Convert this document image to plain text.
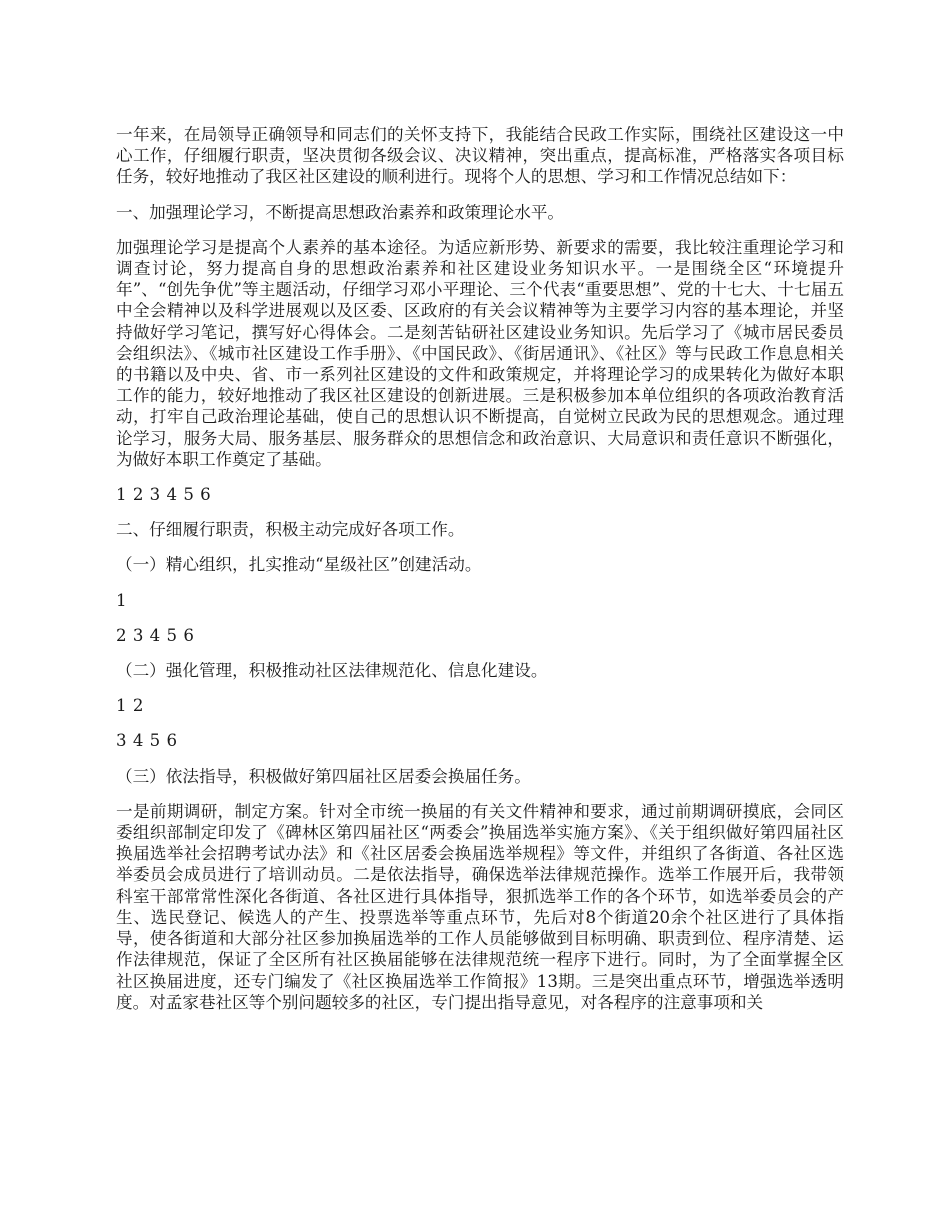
一年来，在局领导正确领导和同志们的关怀支持下，我能结合民政工作实际，围绕社区建设这一中心工作，仔细履行职责，坚决贯彻各级会议、决议精神，突出重点，提高标准，严格落实各项目标任务，较好地推动了我区社区建设的顺利进行。现将个人的思想、学习和工作情况总结如下：

一、加强理论学习，不断提高思想政治素养和政策理论水平。

加强理论学习是提高个人素养的基本途径。为适应新形势、新要求的需要，我比较注重理论学习和调查讨论，努力提高自身的思想政治素养和社区建设业务知识水平。一是围绕全区“环境提升年”、“创先争优”等主题活动，仔细学习邓小平理论、三个代表“重要思想”、党的十七大、十七届五中全会精神以及科学进展观以及区委、区政府的有关会议精神等为主要学习内容的基本理论，并坚持做好学习笔记，撰写好心得体会。二是刻苦钻研社区建设业务知识。先后学习了《城市居民委员会组织法》、《城市社区建设工作手册》、《中国民政》、《街居通讯》、《社区》等与民政工作息息相关的书籍以及中央、省、市一系列社区建设的文件和政策规定，并将理论学习的成果转化为做好本职工作的能力，较好地推动了我区社区建设的创新进展。三是积极参加本单位组织的各项政治教育活动，打牢自己政治理论基础，使自己的思想认识不断提高，自觉树立民政为民的思想观念。通过理论学习，服务大局、服务基层、服务群众的思想信念和政治意识、大局意识和责任意识不断强化，为做好本职工作奠定了基础。

1 2 3 4 5 6

二、仔细履行职责，积极主动完成好各项工作。

（一）精心组织，扎实推动“星级社区”创建活动。

1

2 3 4 5 6

（二）强化管理，积极推动社区法律规范化、信息化建设。

1 2

3 4 5 6

（三）依法指导，积极做好第四届社区居委会换届任务。

一是前期调研，制定方案。针对全市统一换届的有关文件精神和要求，通过前期调研摸底，会同区委组织部制定印发了《碑林区第四届社区“两委会”换届选举实施方案》、《关于组织做好第四届社区换届选举社会招聘考试办法》和《社区居委会换届选举规程》等文件，并组织了各街道、各社区选举委员会成员进行了培训动员。二是依法指导，确保选举法律规范操作。选举工作展开后，我带领科室干部常常性深化各街道、各社区进行具体指导，狠抓选举工作的各个环节，如选举委员会的产生、选民登记、候选人的产生、投票选举等重点环节，先后对8个街道20余个社区进行了具体指导，使各街道和大部分社区参加换届选举的工作人员能够做到目标明确、职责到位、程序清楚、运作法律规范，保证了全区所有社区换届能够在法律规范统一程序下进行。同时，为了全面掌握全区社区换届进度，还专门编发了《社区换届选举工作简报》13期。三是突出重点环节，增强选举透明度。对孟家巷社区等个别问题较多的社区，专门提出指导意见，对各程序的注意事项和关
